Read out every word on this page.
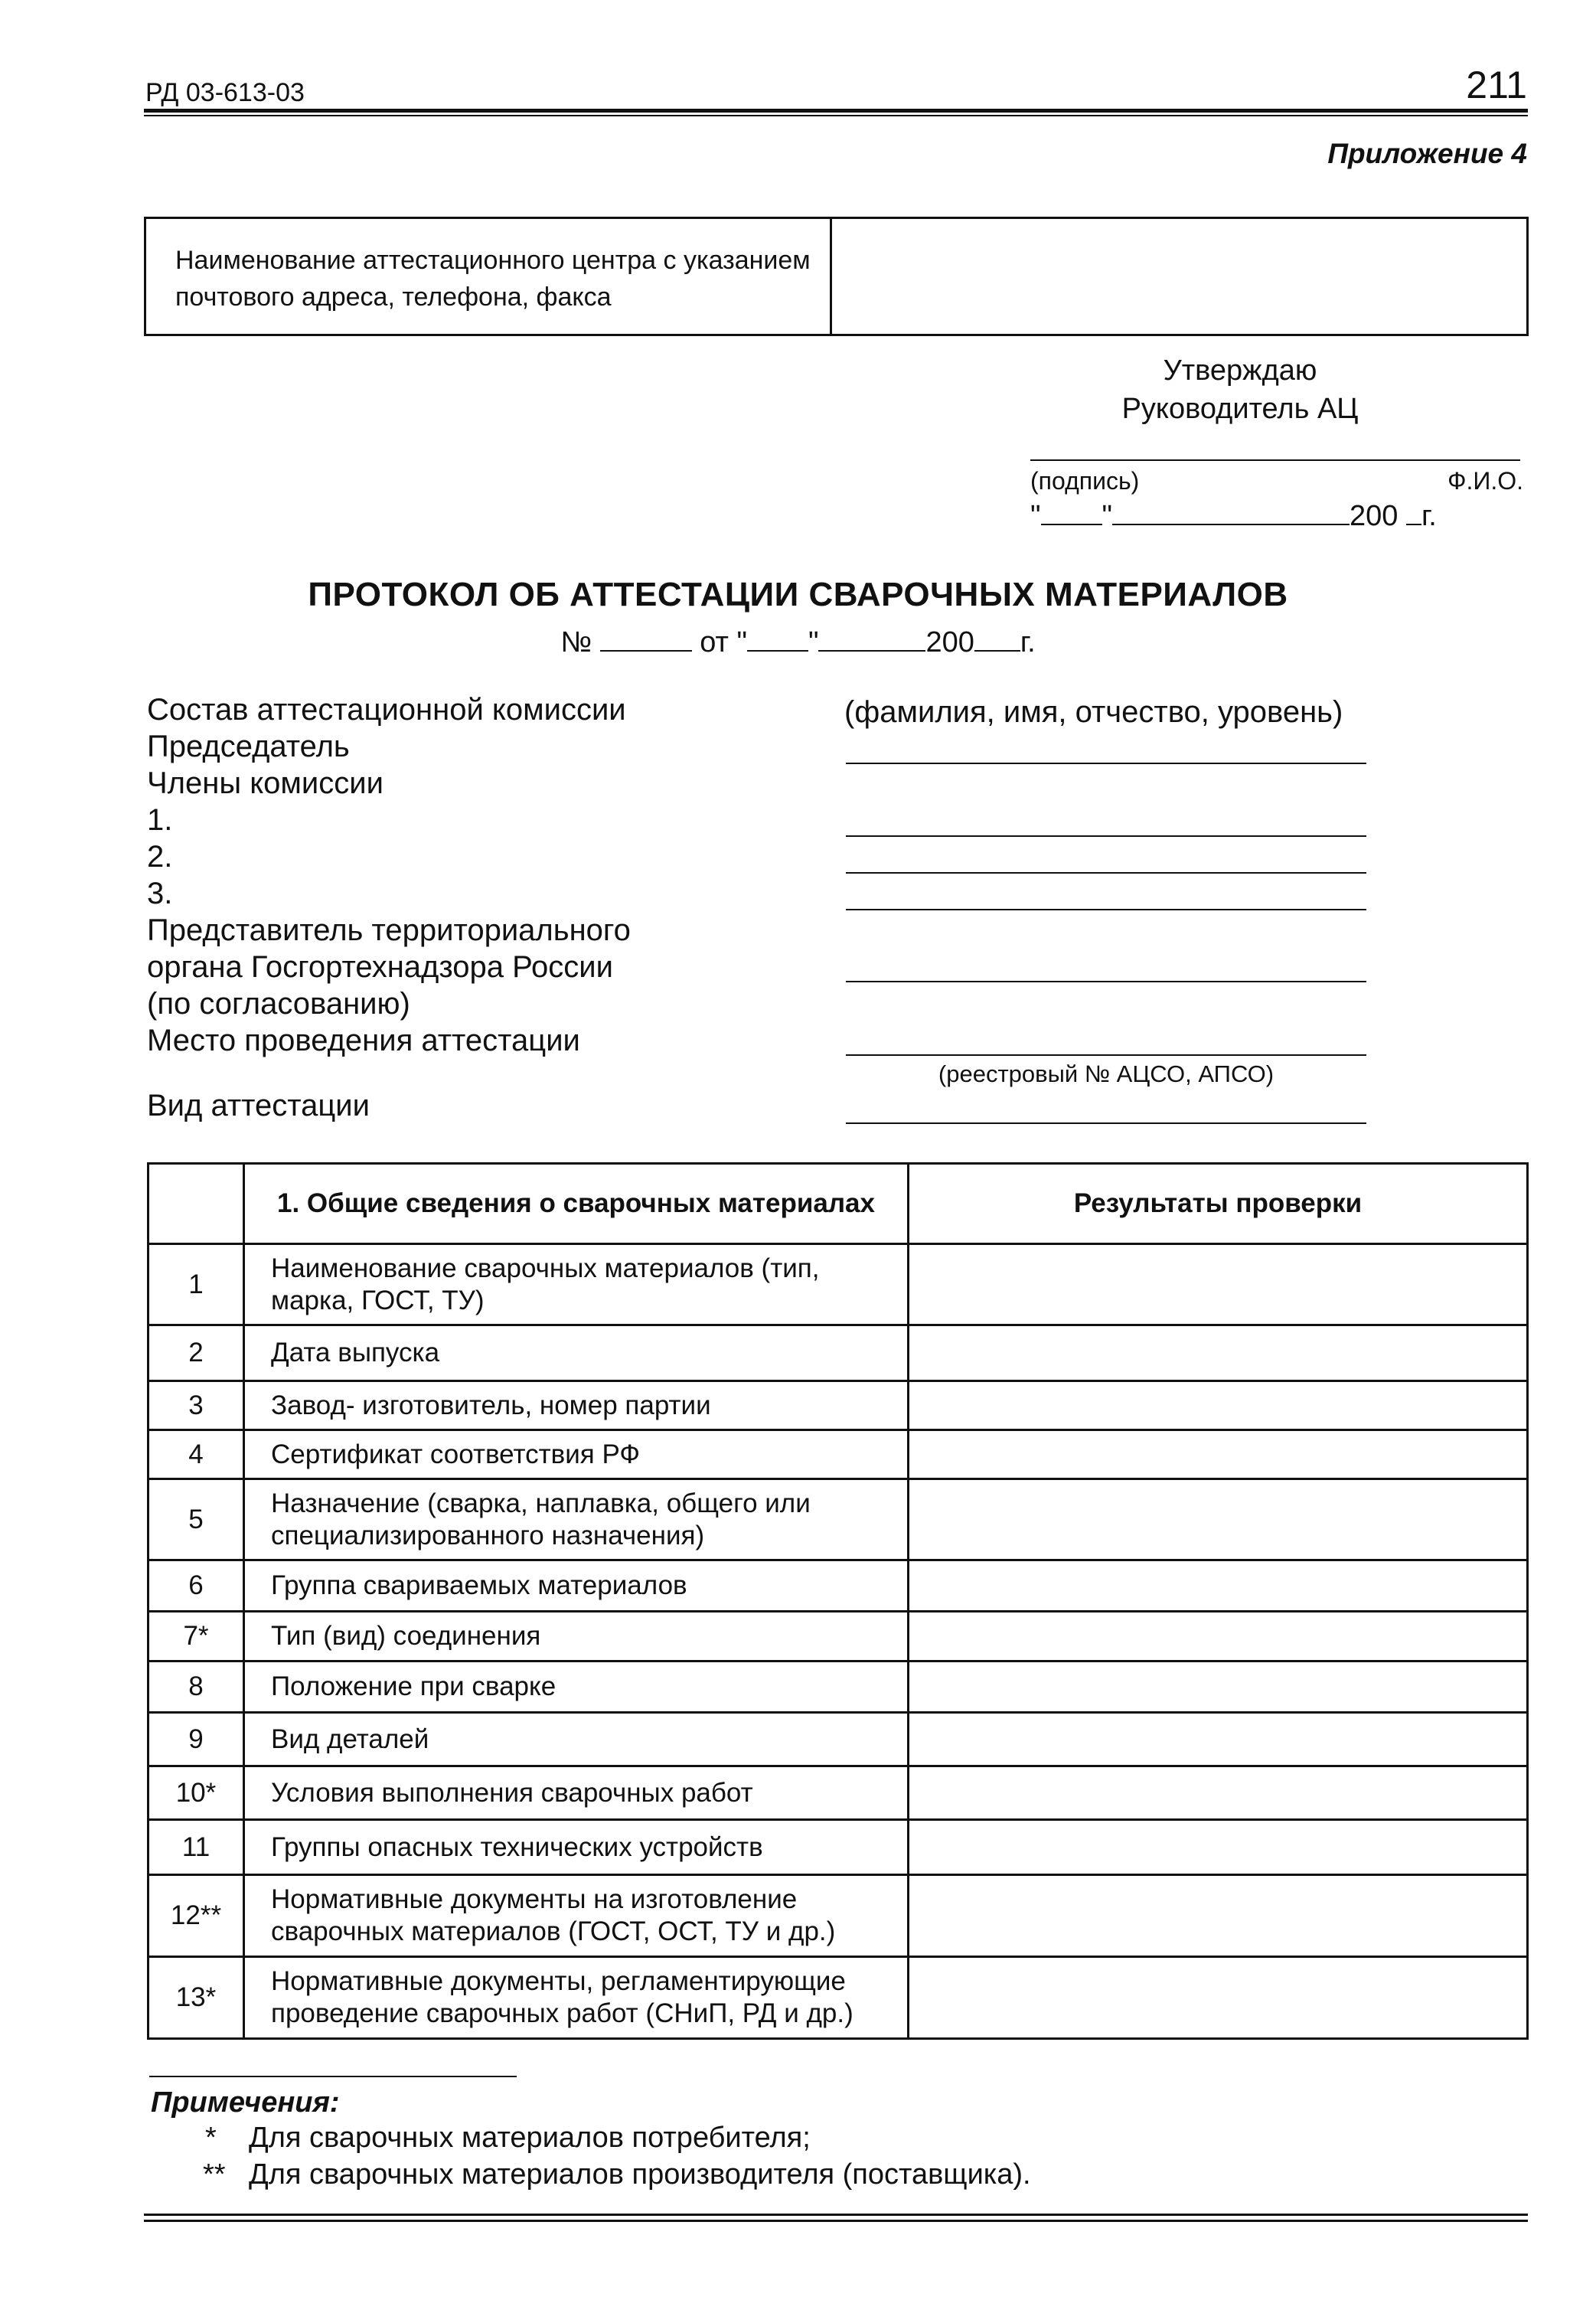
РД 03-613-03	211
Приложение 4
Наименование аттестационного центра с указанием почтового адреса, телефона, факса
Утверждаю
Руководитель АЦ
(подпись)	Ф.И.О.
" "	200 г.
ПРОТОКОЛ ОБ АТТЕСТАЦИИ СВАРОЧНЫХ МАТЕРИАЛОВ
№	от " "	200 г.
Состав аттестационной комиссии	(фамилия, имя, отчество, уровень)
Председатель
Члены комиссии
1.
2.
3.
Представитель территориального
органа Госгортехнадзора России
(по согласованию)
Место проведения аттестации
(реестровый № АЦСО, АПСО)
Вид аттестации
	1. Общие сведения о сварочных материалах	Результаты проверки
1	Наименование сварочных материалов (тип, марка, ГОСТ, ТУ)	
2	Дата выпуска	
3	Завод- изготовитель, номер партии	
4	Сертификат соответствия РФ	
5	Назначение (сварка, наплавка, общего или специализированного назначения)	
6	Группа свариваемых материалов	
7*	Тип (вид) соединения	
8	Положение при сварке	
9	Вид деталей	
10*	Условия выполнения сварочных работ	
11	Группы опасных технических устройств	
12**	Нормативные документы на изготовление сварочных материалов (ГОСТ, ОСТ, ТУ и др.)	
13*	Нормативные документы, регламентирующие проведение сварочных работ (СНиП, РД и др.)	
Примечения:
* Для сварочных материалов потребителя;
** Для сварочных материалов производителя (поставщика).
